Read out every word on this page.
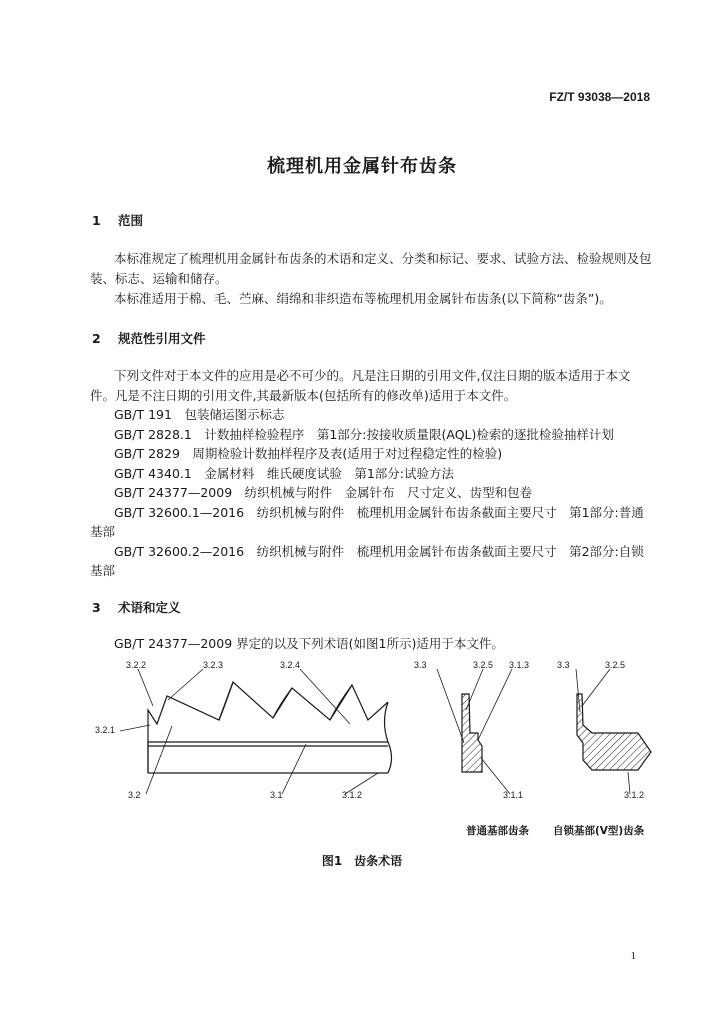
FZ/T 93038—2018
梳理机用金属针布齿条
1 范围
本标准规定了梳理机用金属针布齿条的术语和定义、分类和标记、要求、试验方法、检验规则及包
装、标志、运输和储存。
本标准适用于棉、毛、苎麻、绢绵和非织造布等梳理机用金属针布齿条(以下简称“齿条”)。
2 规范性引用文件
下列文件对于本文件的应用是必不可少的。凡是注日期的引用文件,仅注日期的版本适用于本文
件。凡是不注日期的引用文件,其最新版本(包括所有的修改单)适用于本文件。
GB/T 191　包装储运图示标志
GB/T 2828.1　计数抽样检验程序　第1部分:按接收质量限(AQL)检索的逐批检验抽样计划
GB/T 2829　周期检验计数抽样程序及表(适用于对过程稳定性的检验)
GB/T 4340.1　金属材料　维氏硬度试验　第1部分:试验方法
GB/T 24377—2009　纺织机械与附件　金属针布　尺寸定义、齿型和包卷
GB/T 32600.1—2016　纺织机械与附件　梳理机用金属针布齿条截面主要尺寸　第1部分:普通
基部
GB/T 32600.2—2016　纺织机械与附件　梳理机用金属针布齿条截面主要尺寸　第2部分:自锁
基部
3 术语和定义
GB/T 24377—2009 界定的以及下列术语(如图1所示)适用于本文件。
3.2.2	3.2.3	3.2.4
3.2.1
3.2	3.1	3.1.2
3.3	3.2.5 3.1.3
3.1.1
3.3	3.2.5
3.1.2
普通基部齿条 自锁基部(V型)齿条
图1　齿条术语
1
